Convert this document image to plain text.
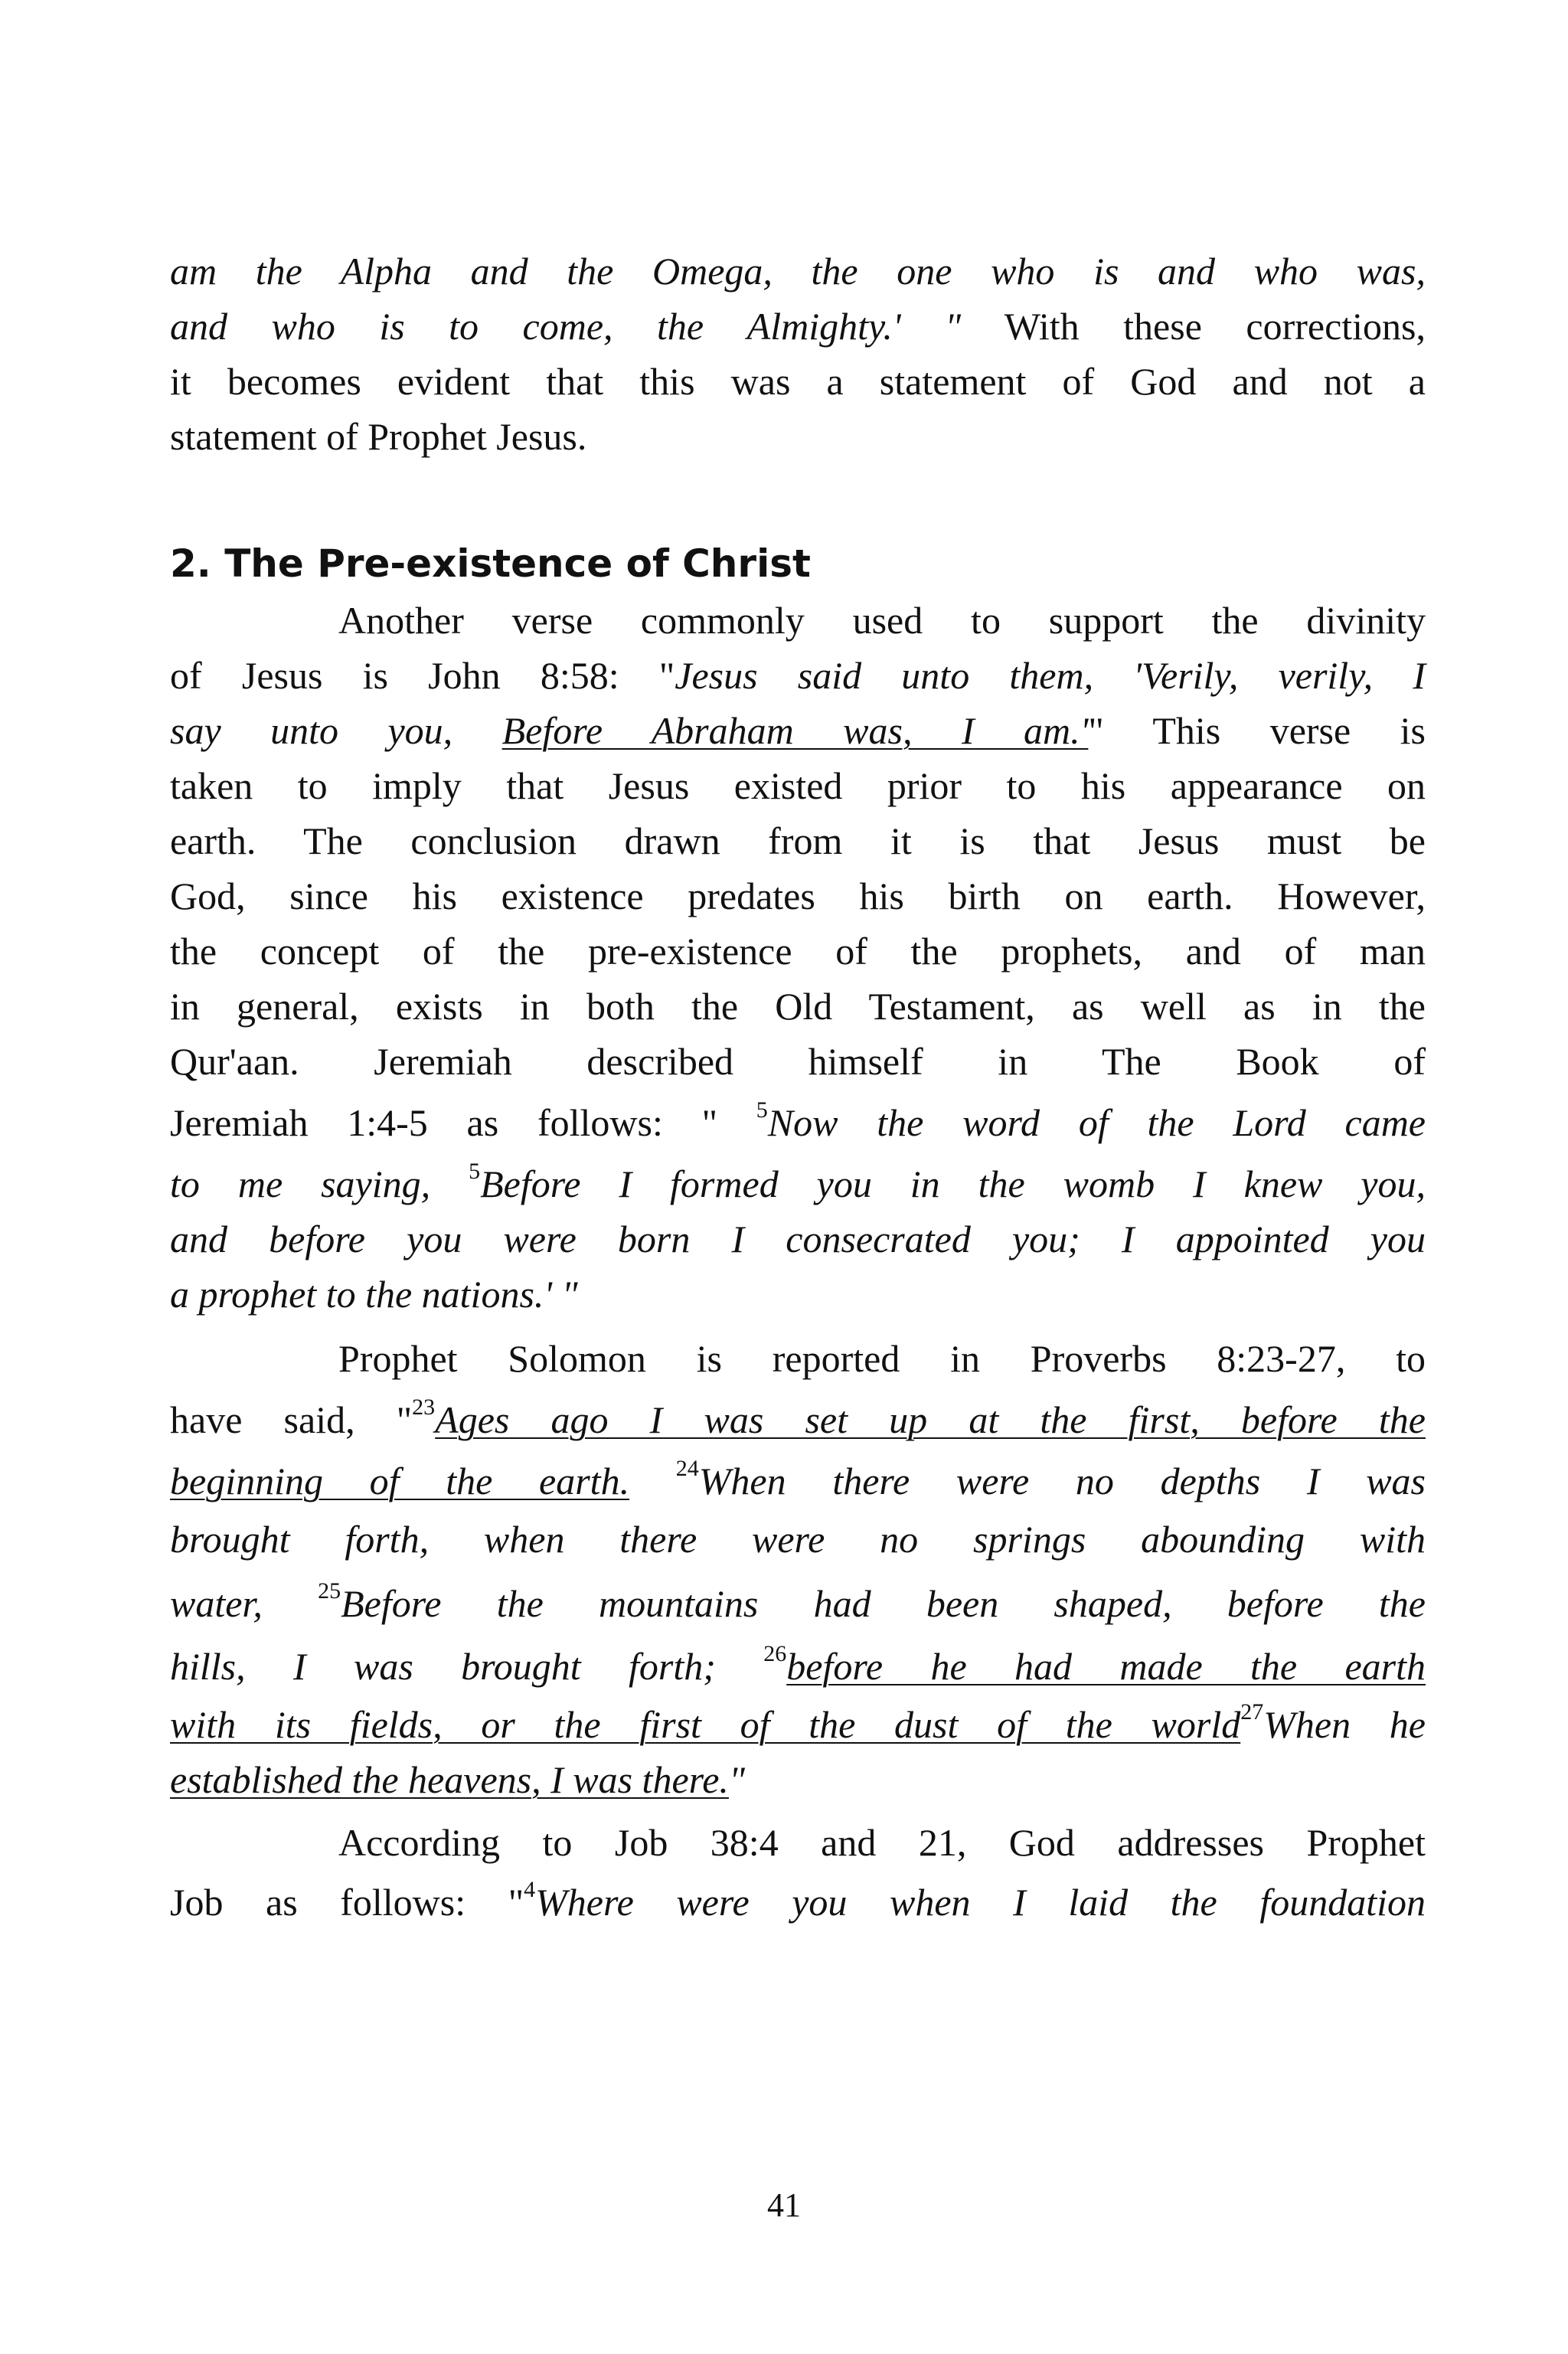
am the Alpha and the Omega, the one who is and who was,
and who is to come, the Almighty.' " With these corrections,
it becomes evident that this was a statement of God and not a
statement of Prophet Jesus.
2. The Pre-existence of Christ
Another verse commonly used to support the divinity
of Jesus is John 8:58: "Jesus said unto them, 'Verily, verily, I
say unto you, Before Abraham was, I am.'" This verse is
taken to imply that Jesus existed prior to his appearance on
earth. The conclusion drawn from it is that Jesus must be
God, since his existence predates his birth on earth. However,
the concept of the pre-existence of the prophets, and of man
in general, exists in both the Old Testament, as well as in the
Qur'aan. Jeremiah described himself in The Book of
Jeremiah 1:4-5 as follows: " $^5$Now the word of the Lord came
to me saying, $^5$Before I formed you in the womb I knew you,
and before you were born I consecrated you; I appointed you
a prophet to the nations.' "
Prophet Solomon is reported in Proverbs 8:23-27, to
have said, "$^{23}$Ages ago I was set up at the first, before the
beginning of the earth. $^{24}$When there were no depths I was
brought forth, when there were no springs abounding with
water, $^{25}$Before the mountains had been shaped, before the
hills, I was brought forth; $^{26}$before he had made the earth
with its fields, or the first of the dust of the world$^{27}$When he
established the heavens, I was there."
According to Job 38:4 and 21, God addresses Prophet
Job as follows: "$^4$Where were you when I laid the foundation
41
